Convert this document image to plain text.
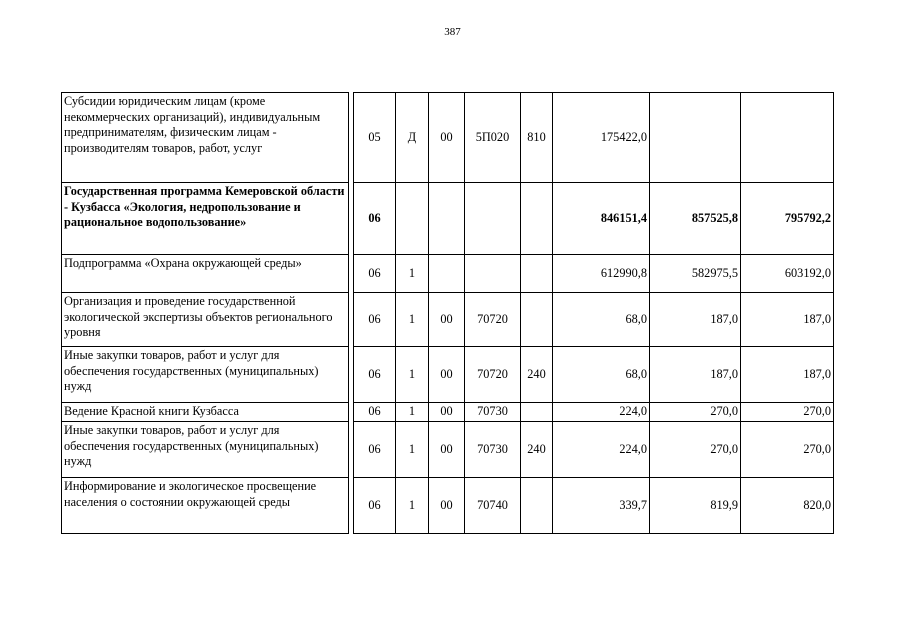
387
Субсидии юридическим лицам (кроме некоммерческих организаций), индивидуальным предпринимателям, физическим лицам - производителям товаров, работ, услуг		05	Д	00	5П020	810	175422,0		
Государственная программа Кемеровской области - Кузбасса «Экология, недропользование и рациональное водопользование»		06					846151,4	857525,8	795792,2
Подпрограмма «Охрана окружающей среды»		06	1				612990,8	582975,5	603192,0
Организация и проведение государственной экологической экспертизы объектов регионального уровня		06	1	00	70720		68,0	187,0	187,0
Иные закупки товаров, работ и услуг для обеспечения государственных (муниципальных) нужд		06	1	00	70720	240	68,0	187,0	187,0
Ведение Красной книги Кузбасса		06	1	00	70730		224,0	270,0	270,0
Иные закупки товаров, работ и услуг для обеспечения государственных (муниципальных) нужд		06	1	00	70730	240	224,0	270,0	270,0
Информирование и экологическое просвещение населения о состоянии окружающей среды		06	1	00	70740		339,7	819,9	820,0
